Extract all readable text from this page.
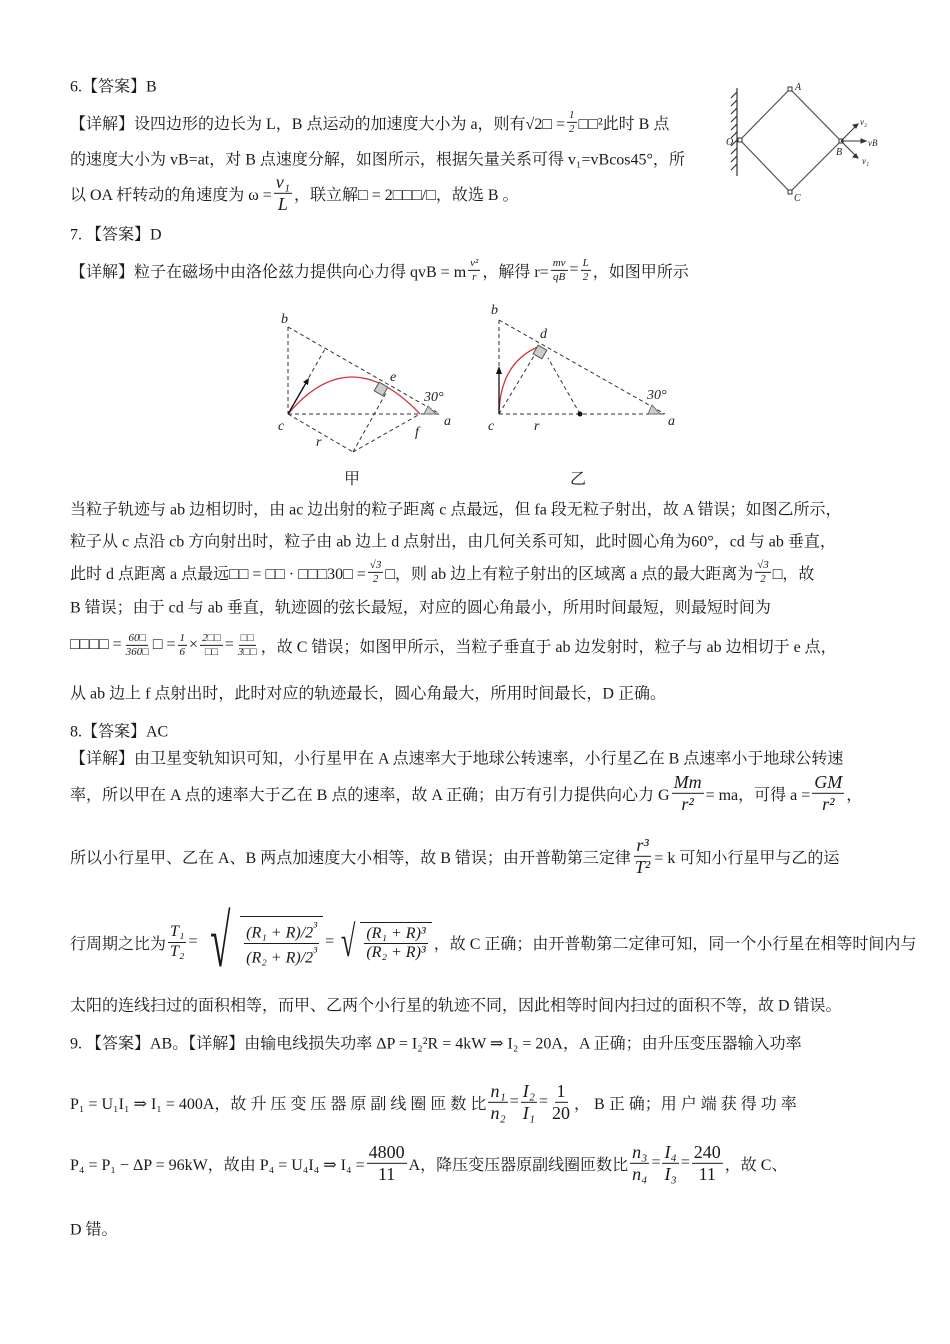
6.【答案】B
【详解】设四边形的边长为 L，B 点运动的加速度大小为 a，则有√2□ = $\frac{1}{2}$ □□²此时 B 点
的速度大小为 vB=at，对 B 点速度分解，如图所示，根据矢量关系可得 v₁=vBcos45°，所
以 OA 杆转动的角速度为 $\omega = \frac{\text{v₁}}{L}$ ，联立解□ = 2□□□/□，故选 B 。
O
A
B
C
v₂
vB
v₁
b
c
e
f
a
r
30°
b
c
d
a
r
30°
7. 【答案】D
【详解】粒子在磁场中由洛伦兹力提供向心力得 qvB = m $\frac{\text{v²}}{r}$ ，解得 $r= \frac{mv}{qB} = \frac{L}{2}$ ，如图甲所示
甲	乙
当粒子轨迹与 ab 边相切时，由 ac 边出射的粒子距离 c 点最远，但 fa 段无粒子射出，故 A 错误；如图乙所示，
粒子从 c 点沿 cb 方向射出时，粒子由 ab 边上 d 点射出，由几何关系可知，此时圆心角为60°，cd 与 ab 垂直，
此时 d 点距离 a 点最远□□ = □□ · □□□30□ = $\frac{√3}{2}$ □，则 ab 边上有粒子射出的区域离 a 点的最大距离为 $\frac{√3}{2}$ □，故
B 错误；由于 cd 与 ab 垂直，轨迹圆的弦长最短，对应的圆心角最小，所用时间最短，则最短时间为
□□□□ = $\frac{60□}{360□}$ □ = $\frac{1}{6} \times \frac{2□□}{□□} = \frac{□□}{3□□}$ ，故 C 错误；如图甲所示，当粒子垂直于 ab 边发射时，粒子与 ab 边相切于 e 点，
从 ab 边上 f 点射出时，此时对应的轨迹最长，圆心角最大，所用时间最长，D 正确。
8.【答案】AC
【详解】由卫星变轨知识可知，小行星甲在 A 点速率大于地球公转速率，小行星乙在 B 点速率小于地球公转速
率，所以甲在 A 点的速率大于乙在 B 点的速率，故 A 正确；由万有引力提供向心力 G $\frac{Mm}{\text{r²}}$ = ma，可得 $a = \frac{GM}{\text{r²}}$ ，
所以小行星甲、乙在 A、B 两点加速度大小相等，故 B 错误；由开普勒第三定律 $\frac{\text{r³}}{\text{T²}} = k$ 可知小行星甲与乙的运
行周期之比为 $\frac{\text{T₁}}{\text{T₂}}$ = √ $\frac{(R_1 + R)/2^{^3}}{(R_2 + R)/2^{^3}}$ = √ $\frac{\text{(R₁ + R)³}}{\text{(R₂ + R)³}}$ ，故 C 正确；由开普勒第二定律可知，同一个小行星在相等时间内与
太阳的连线扫过的面积相等，而甲、乙两个小行星的轨迹不同，因此相等时间内扫过的面积不等，故 D 错误。
9. 【答案】AB。【详解】由输电线损失功率 ΔP = I₂²R = 4kW ⇒ I₂ = 20A，A 正确；由升压变压器输入功率
P₁ = U₁I₁ ⇒ I₁ = 400A，故 升 压 变 压 器 原 副 线 圈 匝 数 比 $\frac{\text{n₁}}{\text{n₂}} = \frac{\text{I₂}}{\text{I₁}} = \frac{1}{20}$ ， B 正 确；用 户 端 获 得 功 率
P₄ = P₁ − ΔP = 96kW，故由 P₄ = U₄I₄ ⇒ $I_4 = \frac{4800}{11}$ A，降压变压器原副线圈匝数比 $\frac{\text{n₃}}{\text{n₄}} = \frac{\text{I₄}}{\text{I₃}} = \frac{240}{11}$ ，故 C、
D 错。
